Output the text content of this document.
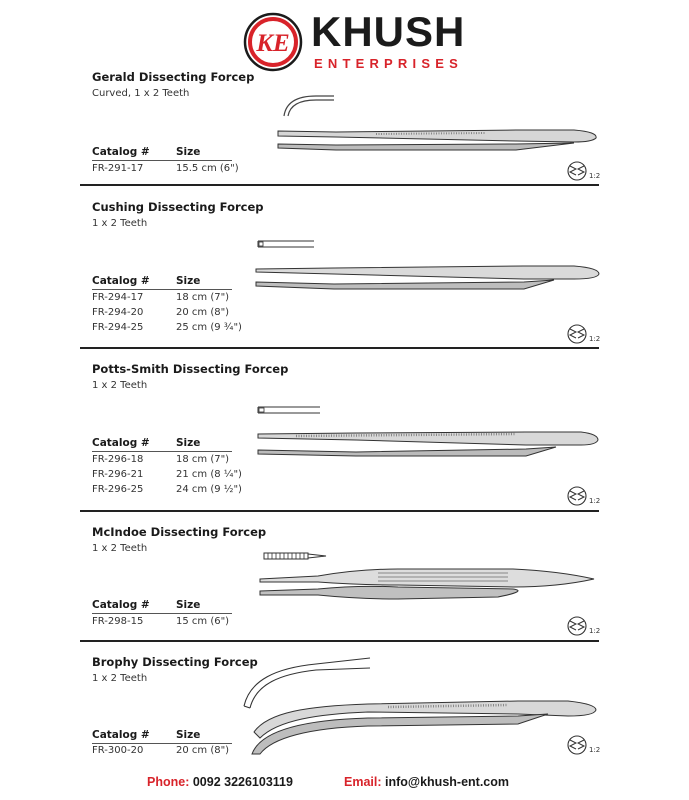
KE KHUSH
ENTERPRISES
Gerald Dissecting Forcep
Curved, 1 x 2 Teeth
Catalog #	Size
FR-291-17	15.5 cm (6")
1:2
Cushing Dissecting Forcep
1 x 2 Teeth
Catalog #	Size
FR-294-17	18 cm (7")
FR-294-20	20 cm (8")
FR-294-25	25 cm (9 ¾")
1:2
Potts-Smith Dissecting Forcep
1 x 2 Teeth
Catalog #	Size
FR-296-18	18 cm (7")
FR-296-21	21 cm (8 ¼")
FR-296-25	24 cm (9 ½")
1:2
McIndoe Dissecting Forcep
1 x 2 Teeth
Catalog #	Size
FR-298-15	15 cm (6")
1:2
Brophy Dissecting Forcep
1 x 2 Teeth
Catalog #	Size
FR-300-20	20 cm (8")	1:2
Phone: 0092 3226103119	Email: info@khush-ent.com
